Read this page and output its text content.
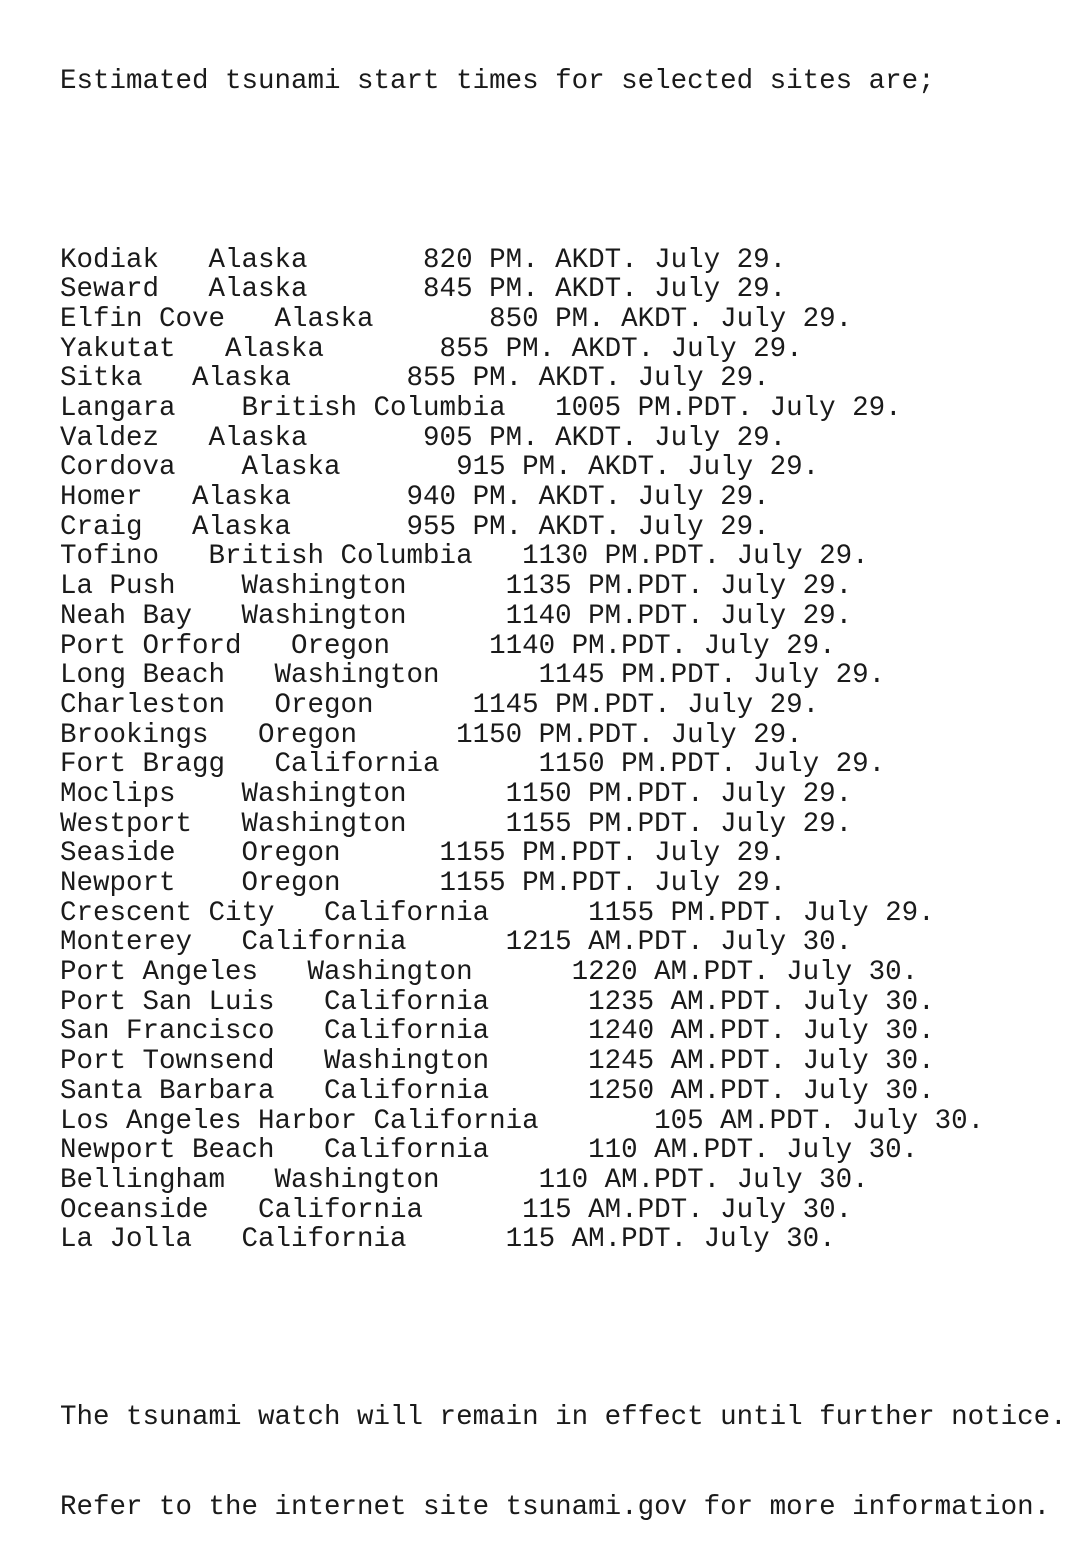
Estimated tsunami start times for selected sites are;

Kodiak   Alaska       820 PM. AKDT. July 29.
Seward   Alaska       845 PM. AKDT. July 29.
Elfin Cove   Alaska       850 PM. AKDT. July 29.
Yakutat   Alaska       855 PM. AKDT. July 29.
Sitka   Alaska       855 PM. AKDT. July 29.
Langara    British Columbia   1005 PM.PDT. July 29.
Valdez   Alaska       905 PM. AKDT. July 29.
Cordova    Alaska       915 PM. AKDT. July 29.
Homer   Alaska       940 PM. AKDT. July 29.
Craig   Alaska       955 PM. AKDT. July 29.
Tofino   British Columbia   1130 PM.PDT. July 29.
La Push    Washington      1135 PM.PDT. July 29.
Neah Bay   Washington      1140 PM.PDT. July 29.
Port Orford   Oregon      1140 PM.PDT. July 29.
Long Beach   Washington      1145 PM.PDT. July 29.
Charleston   Oregon      1145 PM.PDT. July 29.
Brookings   Oregon      1150 PM.PDT. July 29.
Fort Bragg   California      1150 PM.PDT. July 29.
Moclips    Washington      1150 PM.PDT. July 29.
Westport   Washington      1155 PM.PDT. July 29.
Seaside    Oregon      1155 PM.PDT. July 29.
Newport    Oregon      1155 PM.PDT. July 29.
Crescent City   California      1155 PM.PDT. July 29.
Monterey   California      1215 AM.PDT. July 30.
Port Angeles   Washington      1220 AM.PDT. July 30.
Port San Luis   California      1235 AM.PDT. July 30.
San Francisco   California      1240 AM.PDT. July 30.
Port Townsend   Washington      1245 AM.PDT. July 30.
Santa Barbara   California      1250 AM.PDT. July 30.
Los Angeles Harbor California       105 AM.PDT. July 30.
Newport Beach   California      110 AM.PDT. July 30.
Bellingham   Washington      110 AM.PDT. July 30.
Oceanside   California      115 AM.PDT. July 30.
La Jolla   California      115 AM.PDT. July 30.

The tsunami watch will remain in effect until further notice.

Refer to the internet site tsunami.gov for more information.
